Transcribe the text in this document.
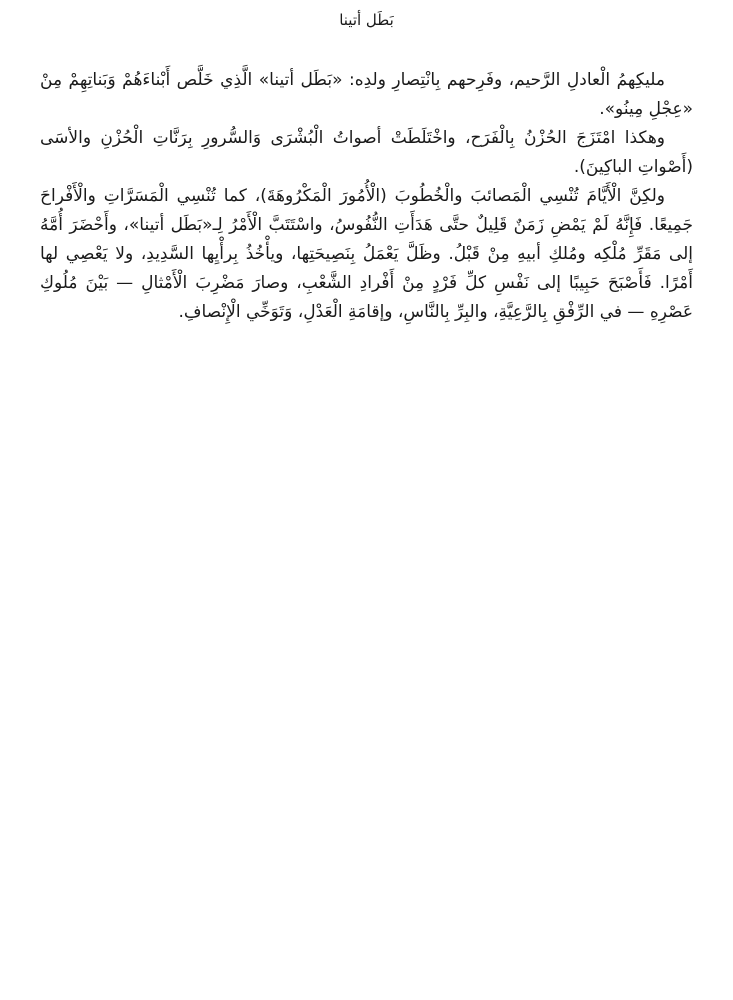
بَطَل أتينا

مليكِهمُ الْعادلِ الرَّحيم، وفَرِحهم بِانْتِصارِ ولدِه: «بَطَل أتينا» الَّذِي خَلَّص أَبْناءَهُمْ وَبَناتِهِمْ مِنْ «عِجْلِ مِينُو».

وهكذا امْتَزَجَ الحُزْنُ بِالْفَرَح، واخْتَلَطَتْ أصواتُ الْبُشْرَى وَالسُّرورِ بِرَنَّاتِ الْحُزْنِ والأسَى (أَصْواتِ الباكِينَ).

ولكِنَّ الْأَيَّامَ تُنْسِي الْمَصائبَ والْخُطُوبَ (الْأُمُورَ الْمَكْرُوهَةَ)، كما تُنْسِي الْمَسَرَّاتِ والْأَفْراحَ جَمِيعًا. فَإِنَّهُ لَمْ يَمْضِ زَمَنٌ قَلِيلٌ حتَّى هَدَأَتِ النُّفُوسُ، واسْتَتَبَّ الْأَمْرُ لِـ«بَطَل أتينا»، وأَحْضَرَ أُمَّهُ إلى مَقَرِّ مُلْكِه ومُلكِ أبيهِ مِنْ قَبْلُ. وظَلَّ يَعْمَلُ بِنَصِيحَتِها، ويأْخُذُ بِرأْيِها السَّدِيدِ، ولا يَعْصِي لها أَمْرًا. فَأَصْبَحَ حَبِيبًا إلى نَفْسِ كلِّ فَرْدٍ مِنْ أَفْرادِ الشَّعْبِ، وصارَ مَضْرِبَ الْأَمْثالِ — بَيْنَ مُلُوكِ عَصْرِهِ — في الرِّفْقِ بِالرَّعِيَّةِ، والبِرِّ بِالنَّاسِ، وإقامَةِ الْعَدْلِ، وَتَوَخِّي الْإِنْصافِ.
